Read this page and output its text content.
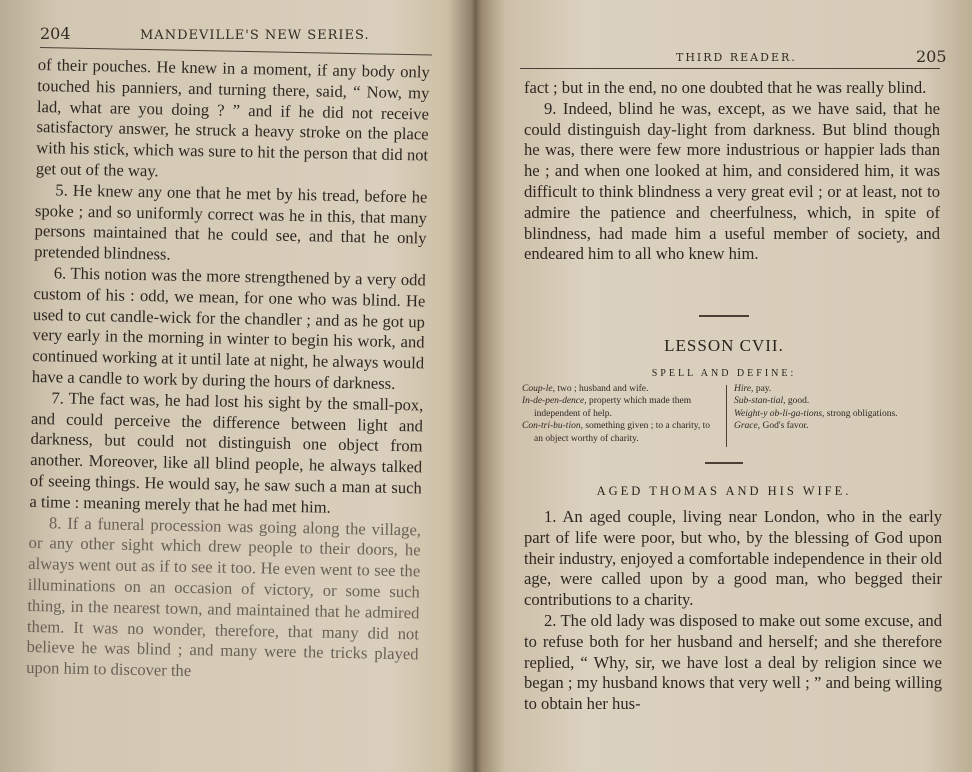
204	MANDEVILLE'S NEW SERIES.

of their pouches. He knew in a moment, if any body only touched his panniers, and turning there, said, “ Now, my lad, what are you doing ? ” and if he did not receive satisfactory answer, he struck a heavy stroke on the place with his stick, which was sure to hit the person that did not get out of the way.

5. He knew any one that he met by his tread, before he spoke ; and so uniformly correct was he in this, that many persons maintained that he could see, and that he only pretended blindness.

6. This notion was the more strengthened by a very odd custom of his : odd, we mean, for one who was blind. He used to cut candle-wick for the chandler ; and as he got up very early in the morning in winter to begin his work, and continued working at it until late at night, he always would have a candle to work by during the hours of darkness.

7. The fact was, he had lost his sight by the small-pox, and could perceive the difference between light and darkness, but could not distinguish one object from another. Moreover, like all blind people, he always talked of seeing things. He would say, he saw such a man at such a time : meaning merely that he had met him.

8. If a funeral procession was going along the village, or any other sight which drew people to their doors, he always went out as if to see it too. He even went to see the illuminations on an occasion of victory, or some such thing, in the nearest town, and maintained that he admired them. It was no wonder, therefore, that many did not believe he was blind ; and many were the tricks played upon him to discover the

THIRD READER.	205

fact ; but in the end, no one doubted that he was really blind.

9. Indeed, blind he was, except, as we have said, that he could distinguish day-light from darkness. But blind though he was, there were few more industrious or happier lads than he ; and when one looked at him, and considered him, it was difficult to think blindness a very great evil ; or at least, not to admire the patience and cheerfulness, which, in spite of blindness, had made him a useful member of society, and endeared him to all who knew him.

LESSON CVII.
SPELL AND DEFINE:
Coup-le, two ; husband and wife.
In-de-pen-dence, property which made them independent of help.
Con-tri-bu-tion, something given ; to a charity, to an object worthy of charity.
Hire, pay.
Sub-stan-tial, good.
Weight-y ob-li-ga-tions, strong obligations.
Grace, God's favor.
AGED THOMAS AND HIS WIFE.

1. An aged couple, living near London, who in the early part of life were poor, but who, by the blessing of God upon their industry, enjoyed a comfortable independence in their old age, were called upon by a good man, who begged their contributions to a charity.

2. The old lady was disposed to make out some excuse, and to refuse both for her husband and herself; and she therefore replied, “ Why, sir, we have lost a deal by religion since we began ; my husband knows that very well ; ” and being willing to obtain her hus-
